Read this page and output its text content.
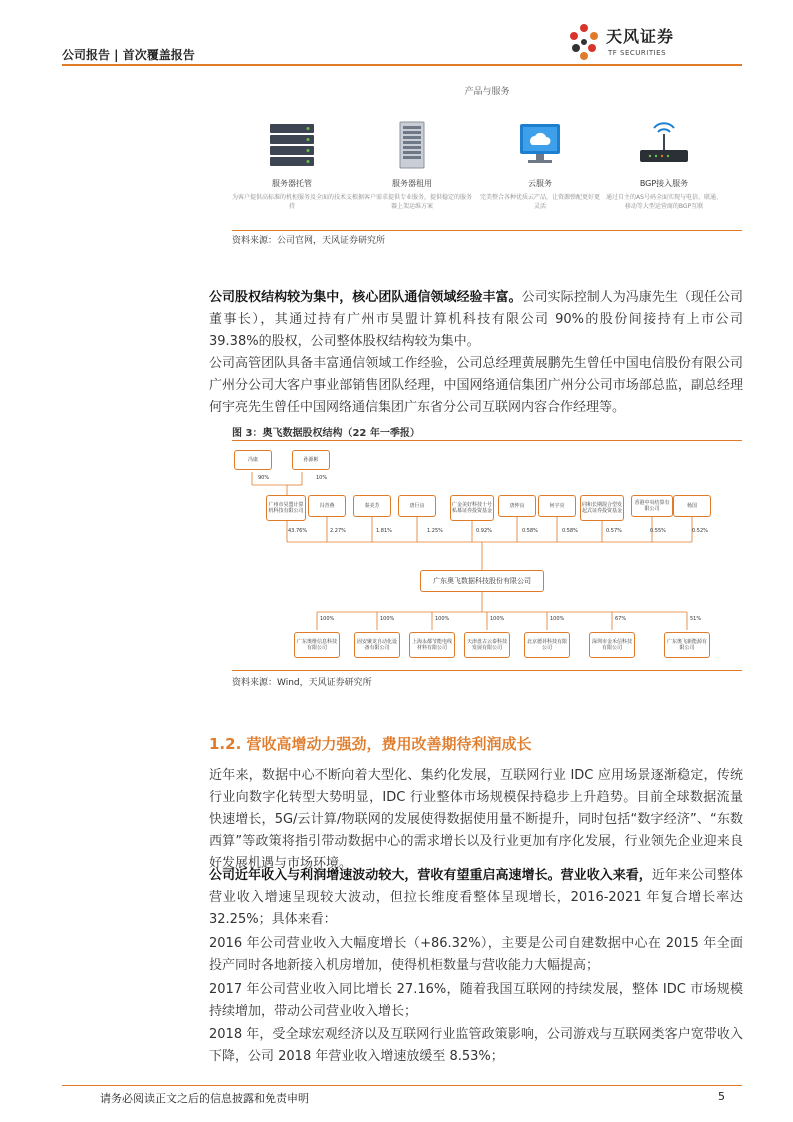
公司报告 | 首次覆盖报告
天风证券
TF SECURITIES
产品与服务
服务器托管
为客户提供高标准的机柜服务及全面的技术支持
服务器租用
根据客户需求提供专业服务，提供稳定的服务器上架运维方案
云服务
完美整合各种优质云产品，让资源弹配更好更灵活
BGP接入服务
通过自主的AS号码全面实现与电信、联通、移动等大型运营商的BGP互联
资料来源：公司官网，天风证券研究所
公司股权结构较为集中，核心团队通信领域经验丰富。公司实际控制人为冯康先生（现任公司董事长），其通过持有广州市昊盟计算机科技有限公司 90%的股份间接持有上市公司 39.38%的股权，公司整体股权结构较为集中。
公司高管团队具备丰富通信领域工作经验，公司总经理黄展鹏先生曾任中国电信股份有限公司广州分公司大客户事业部销售团队经理，中国网络通信集团广州分公司市场部总监，副总经理何宇亮先生曾任中国网络通信集团广东省分公司互联网内容合作经理等。
图 3：奥飞数据股权结构（22 年一季报）
冯康
90%
孙源彬
10%
广州市昊盟计算机科技有限公司
43.76%
冯青燕
2.27%
秦美芳
1.81%
唐巨良
1.25%
广金美好科技十号私募证券投资基金
0.92%
唐仲良
0.58%
何宇亮
0.58%
同和长期混合型发起式证券投资基金
0.57%
香港中央结算有限公司
0.55%
杨国
0.52%
广东奥飞数据科技股份有限公司
100%
广东奥维信息科技有限公司
100%
固安聚龙自动化设备有限公司
100%
上海永都节能电线材料有限公司
100%
天津盘古云泰科技发展有限公司
100%
北京德昇科技有限公司
67%
深圳市金禾信科技有限公司
51%
广东奥飞新能源有限公司
资料来源：Wind，天风证券研究所
1.2. 营收高增动力强劲，费用改善期待利润成长
近年来，数据中心不断向着大型化、集约化发展，互联网行业 IDC 应用场景逐渐稳定，传统行业向数字化转型大势明显，IDC 行业整体市场规模保持稳步上升趋势。目前全球数据流量快速增长，5G/云计算/物联网的发展使得数据使用量不断提升，同时包括“数字经济”、“东数西算”等政策将指引带动数据中心的需求增长以及行业更加有序化发展，行业领先企业迎来良好发展机遇与市场环境。
公司近年收入与利润增速波动较大，营收有望重启高速增长。营业收入来看，近年来公司整体营业收入增速呈现较大波动，但拉长维度看整体呈现增长，2016-2021 年复合增长率达 32.25%；具体来看：
2016 年公司营业收入大幅度增长（+86.32%），主要是公司自建数据中心在 2015 年全面投产同时各地新接入机房增加，使得机柜数量与营收能力大幅提高；
2017 年公司营业收入同比增长 27.16%，随着我国互联网的持续发展，整体 IDC 市场规模持续增加，带动公司营业收入增长；
2018 年，受全球宏观经济以及互联网行业监管政策影响，公司游戏与互联网类客户宽带收入下降，公司 2018 年营业收入增速放缓至 8.53%；
请务必阅读正文之后的信息披露和免责申明	5
